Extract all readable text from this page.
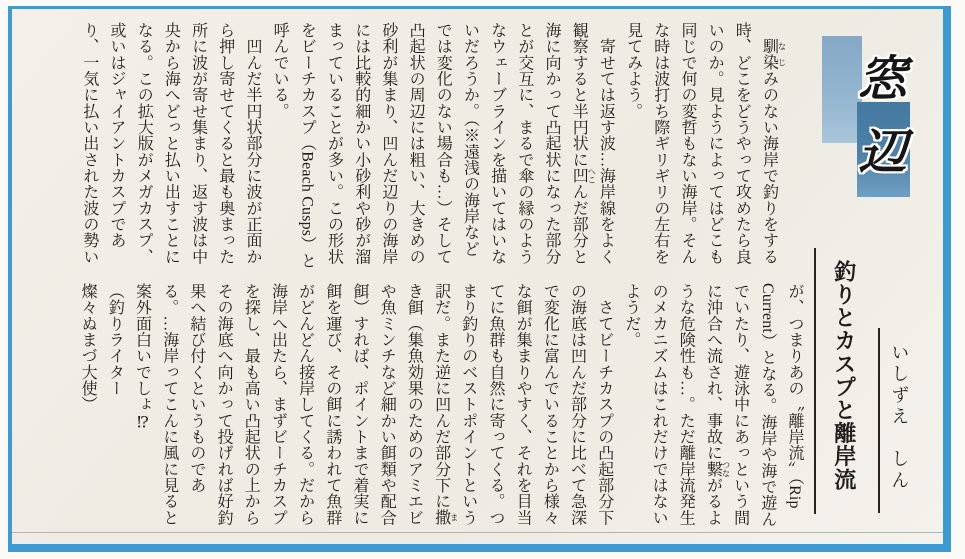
　馴染 なじみのない海岸で釣りをする時、どこをどうやって攻めたら良いのか。見ようによってはどこも同じで何の変哲もない海岸。そんな時は波打ち際ギリギリの左右を見てみよう。

　寄せては返す波…海岸線をよく観察すると半円状に凹 へこんだ部分と海に向かって凸起状になった部分とが交互に、まるで傘の縁のようなウェーブラインを描いてはいないだろうか。（※遠浅の海岸などでは変化のない場合も…）そして凸起状の周辺には粗い、大きめの砂利が集まり、凹んだ辺りの海岸には比較的細かい小砂利や砂が溜まっていることが多い。この形状をビーチカスプ（Beach Cusps）と呼んでいる。

　凹んだ半円状部分に波が正面から押し寄せてくると最も奥まった所に波が寄せ集まり、返す波は中央から海へどっと払い出すことになる。この拡大版がメガカスプ、或いはジャイアントカスプであり、一気に払い出された波の勢い

が、つまりあの〝離岸流〟（Rip Current）となる。海岸や海で遊んでいたり、遊泳中にあっという間に沖合へ流され、事故に繋 つながるような危険性も…。ただ離岸流発生のメカニズムはこれだけではないようだ。

　さてビーチカスプの凸起部分下の海底は凹んだ部分に比べて急深で変化に富んでいることから様々な餌が集まりやすく、それを目当てに魚群も自然に寄ってくる。つまり釣りのベストポイントという訳だ。また逆に凹んだ部分下に撒 まき餌（集魚効果のためのアミエビや魚ミンチなど細かい餌類や配合餌）すれば、ポイントまで着実に餌を運び、その餌に誘われて魚群がどんどん接岸してくる。だから海岸へ出たら、まずビーチカスプを探し、最も高い凸起状の上からその海底へ向かって投げれば好釣果へ結び付くというものである。…海岸ってこんに風に見ると案外面白いでしょ⁉

（釣りライター
燦々ぬまづ大使）

窓辺
釣りとカスプと離岸流 いしずえ　しん
